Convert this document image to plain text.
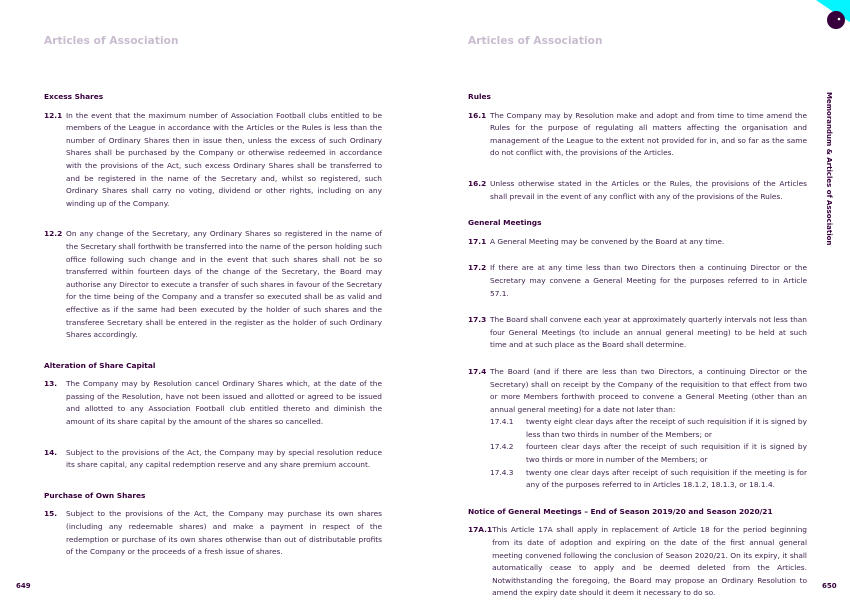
Articles of Association
Excess Shares
12.1 In the event that the maximum number of Association Football clubs entitled to be members of the League in accordance with the Articles or the Rules is less than the number of Ordinary Shares then in issue then, unless the excess of such Ordinary Shares shall be purchased by the Company or otherwise redeemed in accordance with the provisions of the Act, such excess Ordinary Shares shall be transferred to and be registered in the name of the Secretary and, whilst so registered, such Ordinary Shares shall carry no voting, dividend or other rights, including on any winding up of the Company.
12.2 On any change of the Secretary, any Ordinary Shares so registered in the name of the Secretary shall forthwith be transferred into the name of the person holding such office following such change and in the event that such shares shall not be so transferred within fourteen days of the change of the Secretary, the Board may authorise any Director to execute a transfer of such shares in favour of the Secretary for the time being of the Company and a transfer so executed shall be as valid and effective as if the same had been executed by the holder of such shares and the transferee Secretary shall be entered in the register as the holder of such Ordinary Shares accordingly.
Alteration of Share Capital
13.	The Company may by Resolution cancel Ordinary Shares which, at the date of the passing of the Resolution, have not been issued and allotted or agreed to be issued and allotted to any Association Football club entitled thereto and diminish the amount of its share capital by the amount of the shares so cancelled.
14.	Subject to the provisions of the Act, the Company may by special resolution reduce its share capital, any capital redemption reserve and any share premium account.
Purchase of Own Shares
15.	Subject to the provisions of the Act, the Company may purchase its own shares (including any redeemable shares) and make a payment in respect of the redemption or purchase of its own shares otherwise than out of distributable profits of the Company or the proceeds of a fresh issue of shares.
649
Articles of Association
Rules
16.1 The Company may by Resolution make and adopt and from time to time amend the Rules for the purpose of regulating all matters affecting the organisation and management of the League to the extent not provided for in, and so far as the same do not conflict with, the provisions of the Articles.
16.2 Unless otherwise stated in the Articles or the Rules, the provisions of the Articles shall prevail in the event of any conflict with any of the provisions of the Rules.
General Meetings
17.1 A General Meeting may be convened by the Board at any time.
17.2 If there are at any time less than two Directors then a continuing Director or the Secretary may convene a General Meeting for the purposes referred to in Article 57.1.
17.3 The Board shall convene each year at approximately quarterly intervals not less than four General Meetings (to include an annual general meeting) to be held at such time and at such place as the Board shall determine.
17.4 The Board (and if there are less than two Directors, a continuing Director or the Secretary) shall on receipt by the Company of the requisition to that effect from two or more Members forthwith proceed to convene a General Meeting (other than an annual general meeting) for a date not later than:
17.4.1	twenty eight clear days after the receipt of such requisition if it is signed by less than two thirds in number of the Members; or
17.4.2	fourteen clear days after the receipt of such requisition if it is signed by two thirds or more in number of the Members; or
17.4.3	twenty one clear days after receipt of such requisition if the meeting is for any of the purposes referred to in Articles 18.1.2, 18.1.3, or 18.1.4.
Notice of General Meetings – End of Season 2019/20 and Season 2020/21
17A.1 This Article 17A shall apply in replacement of Article 18 for the period beginning from its date of adoption and expiring on the date of the first annual general meeting convened following the conclusion of Season 2020/21. On its expiry, it shall automatically cease to apply and be deemed deleted from the Articles. Notwithstanding the foregoing, the Board may propose an Ordinary Resolution to amend the expiry date should it deem it necessary to do so.
Memorandum & Articles of Association
650
